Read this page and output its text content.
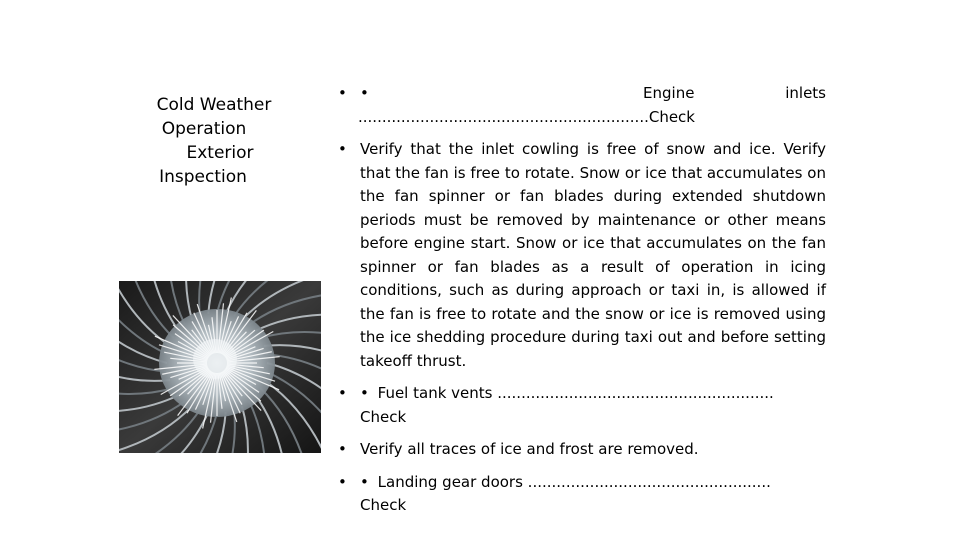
Cold Weather
Operation
Exterior
Inspection
• •	Engine inlets
.............................................................Check
• Verify that the inlet cowling is free of snow and ice. Verify that the fan is free to rotate. Snow or ice that accumulates on the fan spinner or fan blades during extended shutdown periods must be removed by maintenance or other means before engine start. Snow or ice that accumulates on the fan spinner or fan blades as a result of operation in icing conditions, such as during approach or taxi in, is allowed if the fan is free to rotate and the snow or ice is removed using the ice shedding procedure during taxi out and before setting takeoff thrust.
• • Fuel tank vents ..........................................................
Check
• Verify all traces of ice and frost are removed.
• • Landing gear doors ...................................................
Check
